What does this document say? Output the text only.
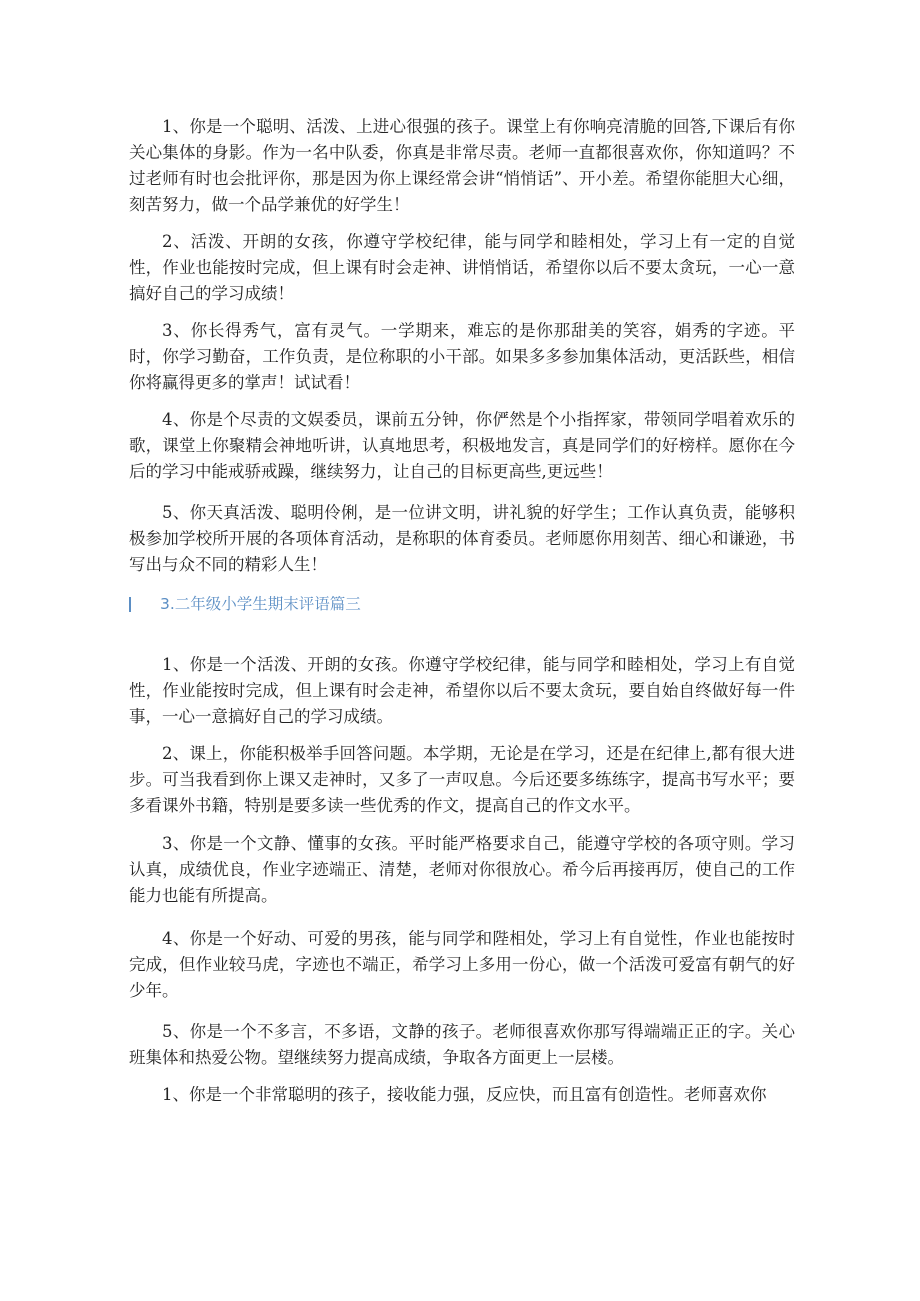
1、你是一个聪明、活泼、上进心很强的孩子。课堂上有你响亮清脆的回答,下课后有你关心集体的身影。作为一名中队委，你真是非常尽责。老师一直都很喜欢你，你知道吗？不过老师有时也会批评你，那是因为你上课经常会讲“悄悄话”、开小差。希望你能胆大心细，刻苦努力，做一个品学兼优的好学生！

2、活泼、开朗的女孩，你遵守学校纪律，能与同学和睦相处，学习上有一定的自觉性，作业也能按时完成，但上课有时会走神、讲悄悄话，希望你以后不要太贪玩，一心一意搞好自己的学习成绩！

3、你长得秀气，富有灵气。一学期来，难忘的是你那甜美的笑容，娟秀的字迹。平时，你学习勤奋，工作负责，是位称职的小干部。如果多多参加集体活动，更活跃些，相信你将赢得更多的掌声！试试看！

4、你是个尽责的文娱委员，课前五分钟，你俨然是个小指挥家，带领同学唱着欢乐的歌，课堂上你聚精会神地听讲，认真地思考，积极地发言，真是同学们的好榜样。愿你在今后的学习中能戒骄戒躁，继续努力，让自己的目标更高些,更远些！

5、你天真活泼、聪明伶俐，是一位讲文明，讲礼貌的好学生；工作认真负责，能够积极参加学校所开展的各项体育活动，是称职的体育委员。老师愿你用刻苦、细心和谦逊，书写出与众不同的精彩人生！

3.二年级小学生期末评语篇三

1、你是一个活泼、开朗的女孩。你遵守学校纪律，能与同学和睦相处，学习上有自觉性，作业能按时完成，但上课有时会走神，希望你以后不要太贪玩，要自始自终做好每一件事，一心一意搞好自己的学习成绩。

2、课上，你能积极举手回答问题。本学期，无论是在学习，还是在纪律上,都有很大进步。可当我看到你上课又走神时，又多了一声叹息。今后还要多练练字，提高书写水平；要多看课外书籍，特别是要多读一些优秀的作文，提高自己的作文水平。

3、你是一个文静、懂事的女孩。平时能严格要求自己，能遵守学校的各项守则。学习认真，成绩优良，作业字迹端正、清楚，老师对你很放心。希今后再接再厉，使自己的工作能力也能有所提高。

4、你是一个好动、可爱的男孩，能与同学和陛相处，学习上有自觉性，作业也能按时完成，但作业较马虎，字迹也不端正，希学习上多用一份心，做一个活泼可爱富有朝气的好少年。

5、你是一个不多言，不多语，文静的孩子。老师很喜欢你那写得端端正正的字。关心班集体和热爱公物。望继续努力提高成绩，争取各方面更上一层楼。

1、你是一个非常聪明的孩子，接收能力强，反应快，而且富有创造性。老师喜欢你
